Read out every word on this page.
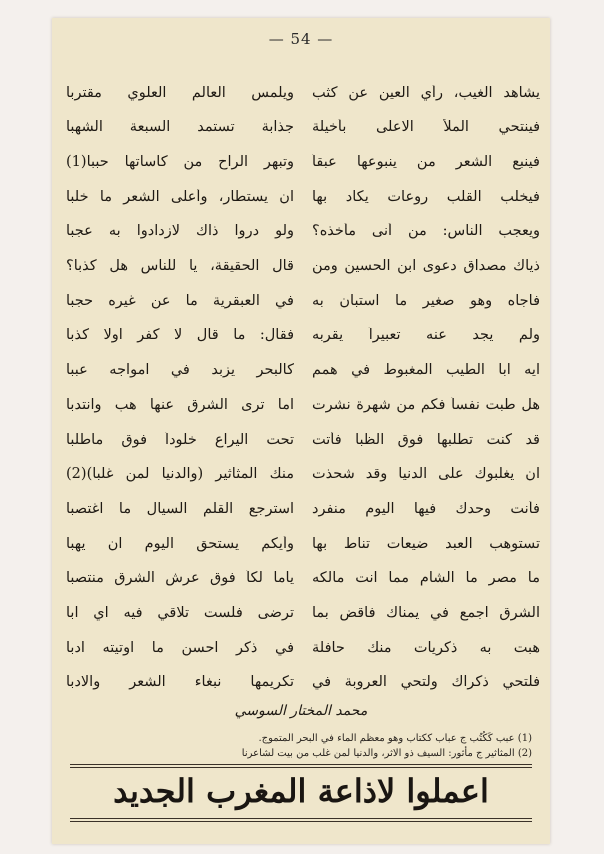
— 54 —
يشاهد الغيب، رأي العين عن كثب
ويلمس العالم العلوي مقتربا
فينتحي الملأ الاعلى بأخيلة
جذابة تستمد السبعة الشهبا
فينبع الشعر من ينبوعها عبقاً
وتبهر الراح من كاساتها حببا(1)
فيخلب القلب روعات يكاد بها
ان يستطار، وأعلى الشعر ما خلبا
ويعجب الناس: من أنى مأخذه؟
ولو دروا ذاك لازدادوا به عجبا
ذياك مصداق دعوى ابن الحسين ومن
قال الحقيقة، يا للناس هل كذبا؟
فاجاه وهو صغير ما استبان به
في العبقرية ما عن غيره حجبا
ولم يجد عنه تعبيراً يقربه
فقال: ما قال لا كفر اولا كذبا
ايه ابا الطيب المغبوط في همم
كالبحر يزبد في امواجه عببا
هل طبت نفساً فكم من شهرة نشرت
اما ترى الشرق عنها هب وانتدبا
قد كنت تطلبها فوق الظبا فأتت
تحت اليراع خلوداً فوق ماطلبا
ان يغلبوك على الدنيا وقد شحذت
منك المثاثير (والدنيا لمن غلبا)(2)
فأنت وحدك فيها اليوم منفرد
استرجع القلم السيال ما اغتصبا
تستوهب العبد ضيعات تناط بها
وأيكم يستحق اليوم ان يهبا
ما مصر ما الشام مما انت مالكه
ياما لكاً فوق عرش الشرق منتصبا
الشرق اجمع في يمناك فاقض بما
ترضى فلست تلاقي فيه اي ابا
هبت به ذكريات منك حافلة
في ذكر احسن ما اوتيته ادبا
فلتحي ذكراك ولتحي العروبة في
تكريمها نبغاء الشعر والادبا
محمد المختار السوسي
(1) عبب كَكُتُب ج عباب ككتاب وهو معظم الماء في البحر المتموج.
(2) المثاثير ج مأثور: السيف ذو الاثر، والدنيا لمن غلب من بيت لشاعرنا
اعملوا لاذاعة المغرب الجديد
